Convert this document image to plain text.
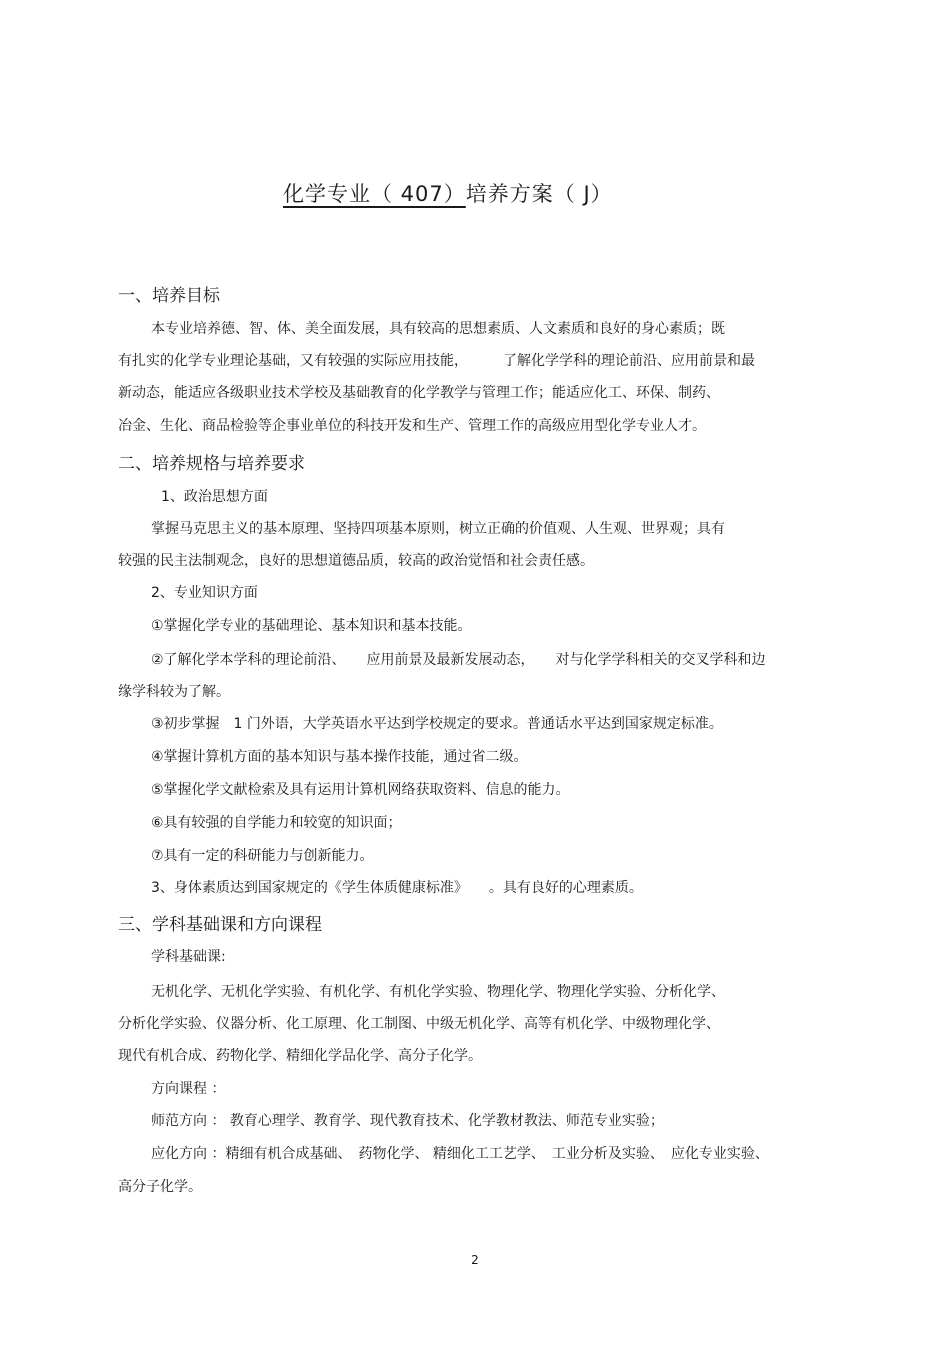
化学专业（ 407）培养方案（ J）
一、培养目标
本专业培养德、智、体、美全面发展，具有较高的思想素质、人文素质和良好的身心素质；既
有扎实的化学专业理论基础，又有较强的实际应用技能，　　　了解化学学科的理论前沿、应用前景和最
新动态，能适应各级职业技术学校及基础教育的化学教学与管理工作；能适应化工、环保、制药、
冶金、生化、商品检验等企事业单位的科技开发和生产、管理工作的高级应用型化学专业人才。
二、培养规格与培养要求
1、政治思想方面
掌握马克思主义的基本原理、坚持四项基本原则，树立正确的价值观、人生观、世界观；具有
较强的民主法制观念，良好的思想道德品质，较高的政治觉悟和社会责任感。
2、专业知识方面
①掌握化学专业的基础理论、基本知识和基本技能。
②了解化学本学科的理论前沿、　　应用前景及最新发展动态，　　对与化学学科相关的交叉学科和边
缘学科较为了解。
③初步掌握　1 门外语，大学英语水平达到学校规定的要求。普通话水平达到国家规定标准。
④掌握计算机方面的基本知识与基本操作技能，通过省二级。
⑤掌握化学文献检索及具有运用计算机网络获取资料、信息的能力。
⑥具有较强的自学能力和较宽的知识面；
⑦具有一定的科研能力与创新能力。
3、身体素质达到国家规定的《学生体质健康标准》　　。具有良好的心理素质。
三、学科基础课和方向课程
学科基础课:
无机化学、无机化学实验、有机化学、有机化学实验、物理化学、物理化学实验、分析化学、
分析化学实验、仪器分析、化工原理、化工制图、中级无机化学、高等有机化学、中级物理化学、
现代有机合成、药物化学、精细化学品化学、高分子化学。
方向课程 ：
师范方向 ： 教育心理学、教育学、现代教育技术、化学教材教法、师范专业实验；
应化方向 ：精细有机合成基础、　药物化学、 精细化工工艺学、　工业分析及实验、　应化专业实验、
高分子化学。
2
